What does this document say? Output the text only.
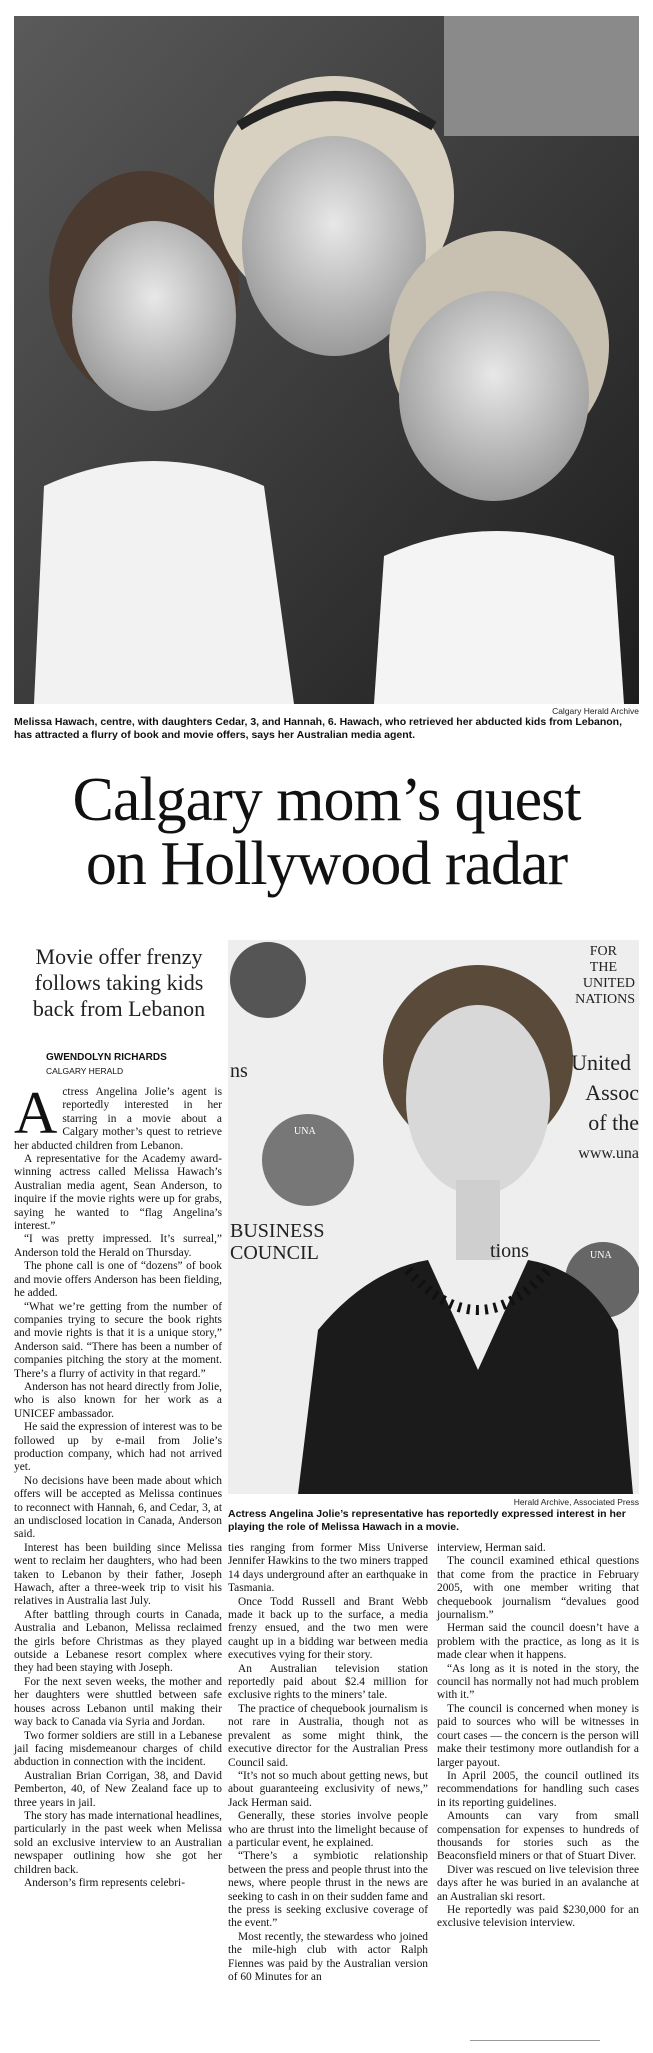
Calgary Herald Archive
Melissa Hawach, centre, with daughters Cedar, 3, and Hannah, 6. Hawach, who retrieved her abducted kids from Lebanon, has attracted a flurry of book and movie offers, says her Australian media agent.
Calgary mom’s quest
on Hollywood radar
Movie offer frenzy
follows taking kids
back from Lebanon
GWENDOLYN RICHARDS
CALGARY HERALD
FOR
THE
UNITED
NATIONS
United
Assoc
of the
www.una
ns
UNA
UNA
BUSINESS
COUNCIL	tions
Herald Archive, Associated Press
Actress Angelina Jolie’s representative has reportedly expressed interest in her playing the role of Melissa Hawach in a movie.

Actress Angelina Jolie’s agent is reportedly interested in her starring in a movie about a Calgary mother’s quest to retrieve her abducted children from Lebanon.

A representative for the Academy award-winning actress called Melissa Hawach’s Australian media agent, Sean Anderson, to inquire if the movie rights were up for grabs, saying he wanted to “flag Angelina’s interest.”

“I was pretty impressed. It’s surreal,” Anderson told the Herald on Thursday.

The phone call is one of “dozens” of book and movie offers Anderson has been fielding, he added.

“What we’re getting from the number of companies trying to secure the book rights and movie rights is that it is a unique story,” Anderson said. “There has been a number of companies pitching the story at the moment. There’s a flurry of activity in that regard.”

Anderson has not heard directly from Jolie, who is also known for her work as a UNICEF ambassador.

He said the expression of interest was to be followed up by e-mail from Jolie’s production company, which had not arrived yet.

No decisions have been made about which offers will be accepted as Melissa continues to reconnect with Hannah, 6, and Cedar, 3, at an undisclosed location in Canada, Anderson said.

Interest has been building since Melissa went to reclaim her daughters, who had been taken to Lebanon by their father, Joseph Hawach, after a three-week trip to visit his relatives in Australia last July.

After battling through courts in Canada, Australia and Lebanon, Melissa reclaimed the girls before Christmas as they played outside a Lebanese resort complex where they had been staying with Joseph.

For the next seven weeks, the mother and her daughters were shuttled between safe houses across Lebanon until making their way back to Canada via Syria and Jordan.

Two former soldiers are still in a Lebanese jail facing misdemeanour charges of child abduction in connection with the incident.

Australian Brian Corrigan, 38, and David Pemberton, 40, of New Zealand face up to three years in jail.

The story has made international headlines, particularly in the past week when Melissa sold an exclusive interview to an Australian newspaper outlining how she got her children back.

Anderson’s firm represents celebri-

ties ranging from former Miss Universe Jennifer Hawkins to the two miners trapped 14 days underground after an earthquake in Tasmania.

Once Todd Russell and Brant Webb made it back up to the surface, a media frenzy ensued, and the two men were caught up in a bidding war between media executives vying for their story.

An Australian television station reportedly paid about $2.4 million for exclusive rights to the miners’ tale.

The practice of chequebook journalism is not rare in Australia, though not as prevalent as some might think, the executive director for the Australian Press Council said.

“It’s not so much about getting news, but about guaranteeing exclusivity of news,” Jack Herman said.

Generally, these stories involve people who are thrust into the limelight because of a particular event, he explained.

“There’s a symbiotic relationship between the press and people thrust into the news, where people thrust in the news are seeking to cash in on their sudden fame and the press is seeking exclusive coverage of the event.”

Most recently, the stewardess who joined the mile-high club with actor Ralph Fiennes was paid by the Australian version of 60 Minutes for an

interview, Herman said.

The council examined ethical questions that come from the practice in February 2005, with one member writing that chequebook journalism “devalues good journalism.”

Herman said the council doesn’t have a problem with the practice, as long as it is made clear when it happens.

“As long as it is noted in the story, the council has normally not had much problem with it.”

The council is concerned when money is paid to sources who will be witnesses in court cases — the concern is the person will make their testimony more outlandish for a larger payout.

In April 2005, the council outlined its recommendations for handling such cases in its reporting guidelines.

Amounts can vary from small compensation for expenses to hundreds of thousands for stories such as the Beaconsfield miners or that of Stuart Diver.

Diver was rescued on live television three days after he was buried in an avalanche at an Australian ski resort.

He reportedly was paid $230,000 for an exclusive television interview.
